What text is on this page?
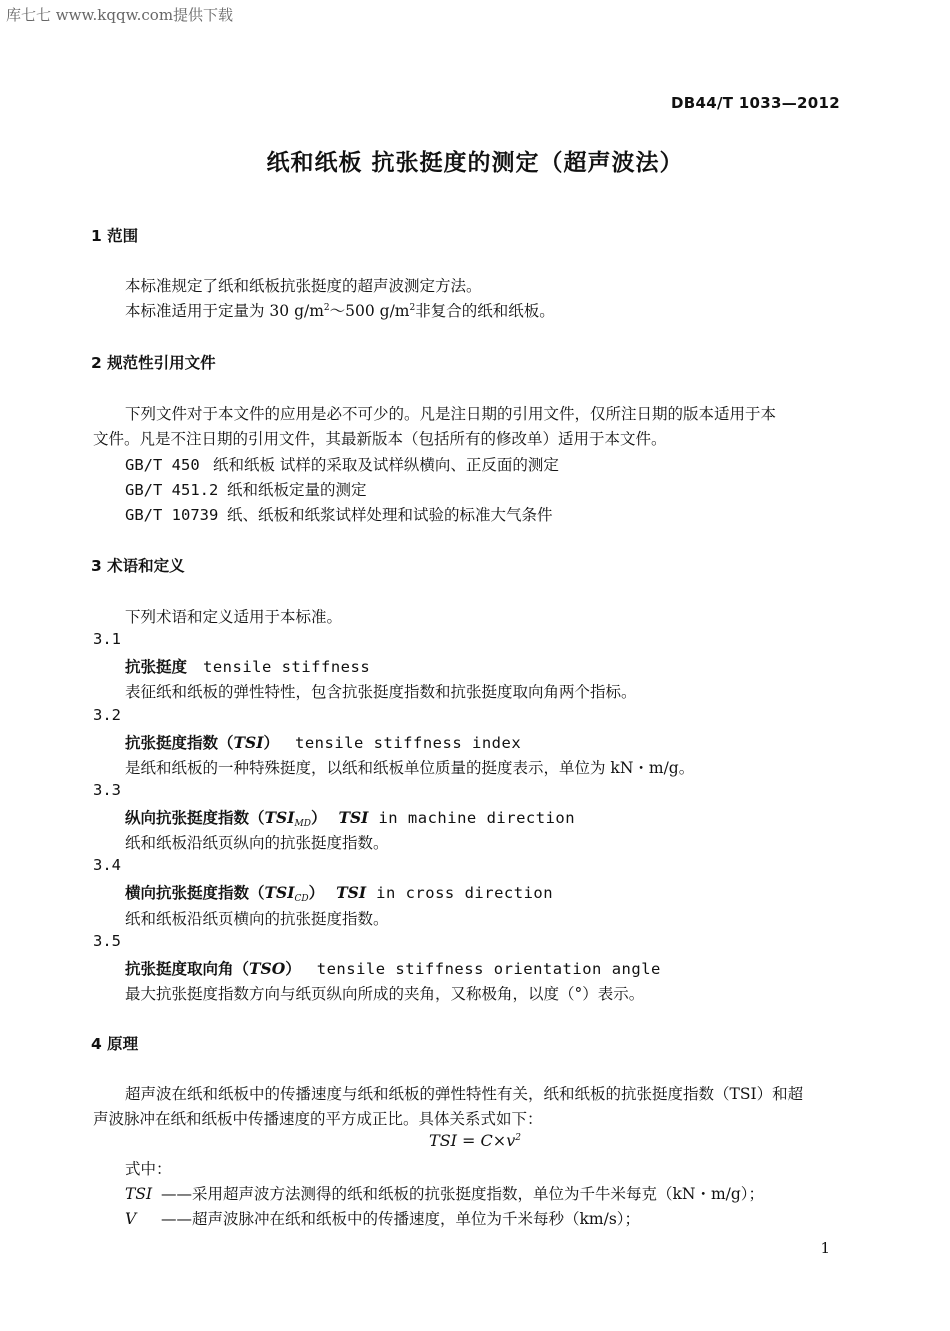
库七七 www.kqqw.com提供下载
DB44/T 1033—2012
纸和纸板 抗张挺度的测定（超声波法）
1 范围
本标准规定了纸和纸板抗张挺度的超声波测定方法。
本标准适用于定量为 30 $g/m^2\sim 500$ $g/m^2$非复合的纸和纸板。
2 规范性引用文件
下列文件对于本文件的应用是必不可少的。凡是注日期的引用文件，仅所注日期的版本适用于本
文件。凡是不注日期的引用文件，其最新版本（包括所有的修改单）适用于本文件。
GB/T 450 纸和纸板 试样的采取及试样纵横向、正反面的测定
GB/T 451.2 纸和纸板定量的测定
GB/T 10739 纸、纸板和纸浆试样处理和试验的标准大气条件
3 术语和定义
下列术语和定义适用于本标准。
3.1
抗张挺度 tensile stiffness
表征纸和纸板的弹性特性，包含抗张挺度指数和抗张挺度取向角两个指标。
3.2
抗张挺度指数（TSI） tensile stiffness index
是纸和纸板的一种特殊挺度，以纸和纸板单位质量的挺度表示，单位为 kN・m/g。
3.3
纵向抗张挺度指数$(TSI_{MD})$ TSI in machine direction
纸和纸板沿纸页纵向的抗张挺度指数。
3.4
横向抗张挺度指数$(TSI_{CD})$ TSI in cross direction
纸和纸板沿纸页横向的抗张挺度指数。
3.5
抗张挺度取向角（TSO） tensile stiffness orientation angle
最大抗张挺度指数方向与纸页纵向所成的夹角，又称极角，以度（°）表示。
4 原理
超声波在纸和纸板中的传播速度与纸和纸板的弹性特性有关，纸和纸板的抗张挺度指数（TSI）和超
声波脉冲在纸和纸板中传播速度的平方成正比。具体关系式如下：
TSI = $C\times v^2$
式中：
TSI ——采用超声波方法测得的纸和纸板的抗张挺度指数，单位为千牛米每克（kN・m/g）；
V ——超声波脉冲在纸和纸板中的传播速度，单位为千米每秒（km/s）；
1
